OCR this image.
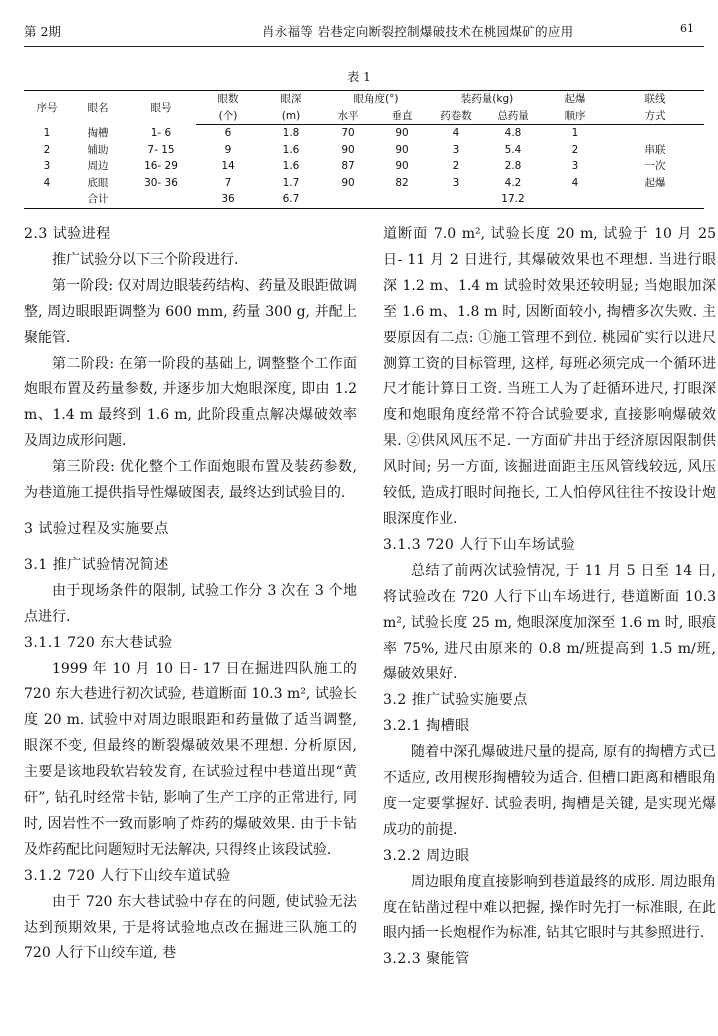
第 2期	肖永福等 岩巷定向断裂控制爆破技术在桃园煤矿的应用	61
表 1
序号	眼名	眼号	眼数	眼深	眼角度(°)		装药量(kg)		起爆	联线
			(个)	(m)	水平	垂直	药卷数	总药量	顺序	方式
1	掏槽	1- 6	6	1.8	70	90	4	4.8	1	
2	辅助	7- 15	9	1.6	90	90	3	5.4	2	串联
3	周边	16- 29	14	1.6	87	90	2	2.8	3	一次
4	底眼	30- 36	7	1.7	90	82	3	4.2	4	起爆
	合计		36	6.7				17.2		

2.3 试验进程

推广试验分以下三个阶段进行.

第一阶段: 仅对周边眼装药结构、药量及眼距做调整, 周边眼眼距调整为 600 mm, 药量 300 g, 并配上聚能管.

第二阶段: 在第一阶段的基础上, 调整整个工作面炮眼布置及药量参数, 并逐步加大炮眼深度, 即由 1.2 m、1.4 m 最终到 1.6 m, 此阶段重点解决爆破效率及周边成形问题.

第三阶段: 优化整个工作面炮眼布置及装药参数, 为巷道施工提供指导性爆破图表, 最终达到试验目的.

3 试验过程及实施要点

3.1 推广试验情况简述

由于现场条件的限制, 试验工作分 3 次在 3 个地点进行.

3.1.1 720 东大巷试验

1999 年 10 月 10 日- 17 日在掘进四队施工的 720 东大巷进行初次试验, 巷道断面 10.3 m², 试验长度 20 m. 试验中对周边眼眼距和药量做了适当调整, 眼深不变, 但最终的断裂爆破效果不理想. 分析原因, 主要是该地段软岩较发育, 在试验过程中巷道出现“黄矸”, 钻孔时经常卡钻, 影响了生产工序的正常进行, 同时, 因岩性不一致而影响了炸药的爆破效果. 由于卡钻及炸药配比问题短时无法解决, 只得终止该段试验.

3.1.2 720 人行下山绞车道试验

由于 720 东大巷试验中存在的问题, 使试验无法达到预期效果, 于是将试验地点改在掘进三队施工的 720 人行下山绞车道, 巷

道断面 7.0 m², 试验长度 20 m, 试验于 10 月 25 日- 11 月 2 日进行, 其爆破效果也不理想. 当进行眼深 1.2 m、1.4 m 试验时效果还较明显; 当炮眼加深至 1.6 m、1.8 m 时, 因断面较小, 掏槽多次失败. 主要原因有二点: ①施工管理不到位. 桃园矿实行以进尺测算工资的目标管理, 这样, 每班必须完成一个循环进尺才能计算日工资. 当班工人为了赶循环进尺, 打眼深度和炮眼角度经常不符合试验要求, 直接影响爆破效果. ②供风风压不足. 一方面矿井出于经济原因限制供风时间; 另一方面, 该掘进面距主压风管线较远, 风压较低, 造成打眼时间拖长, 工人怕停风往往不按设计炮眼深度作业.

3.1.3 720 人行下山车场试验

总结了前两次试验情况, 于 11 月 5 日至 14 日, 将试验改在 720 人行下山车场进行, 巷道断面 10.3 m², 试验长度 25 m, 炮眼深度加深至 1.6 m 时, 眼痕率 75%, 进尺由原来的 0.8 m/班提高到 1.5 m/班, 爆破效果好.

3.2 推广试验实施要点

3.2.1 掏槽眼

随着中深孔爆破进尺量的提高, 原有的掏槽方式已不适应, 改用楔形掏槽较为适合. 但槽口距离和槽眼角度一定要掌握好. 试验表明, 掏槽是关键, 是实现光爆成功的前提.

3.2.2 周边眼

周边眼角度直接影响到巷道最终的成形. 周边眼角度在钻凿过程中难以把握, 操作时先打一标准眼, 在此眼内插一长炮棍作为标准, 钻其它眼时与其参照进行.

3.2.3 聚能管
